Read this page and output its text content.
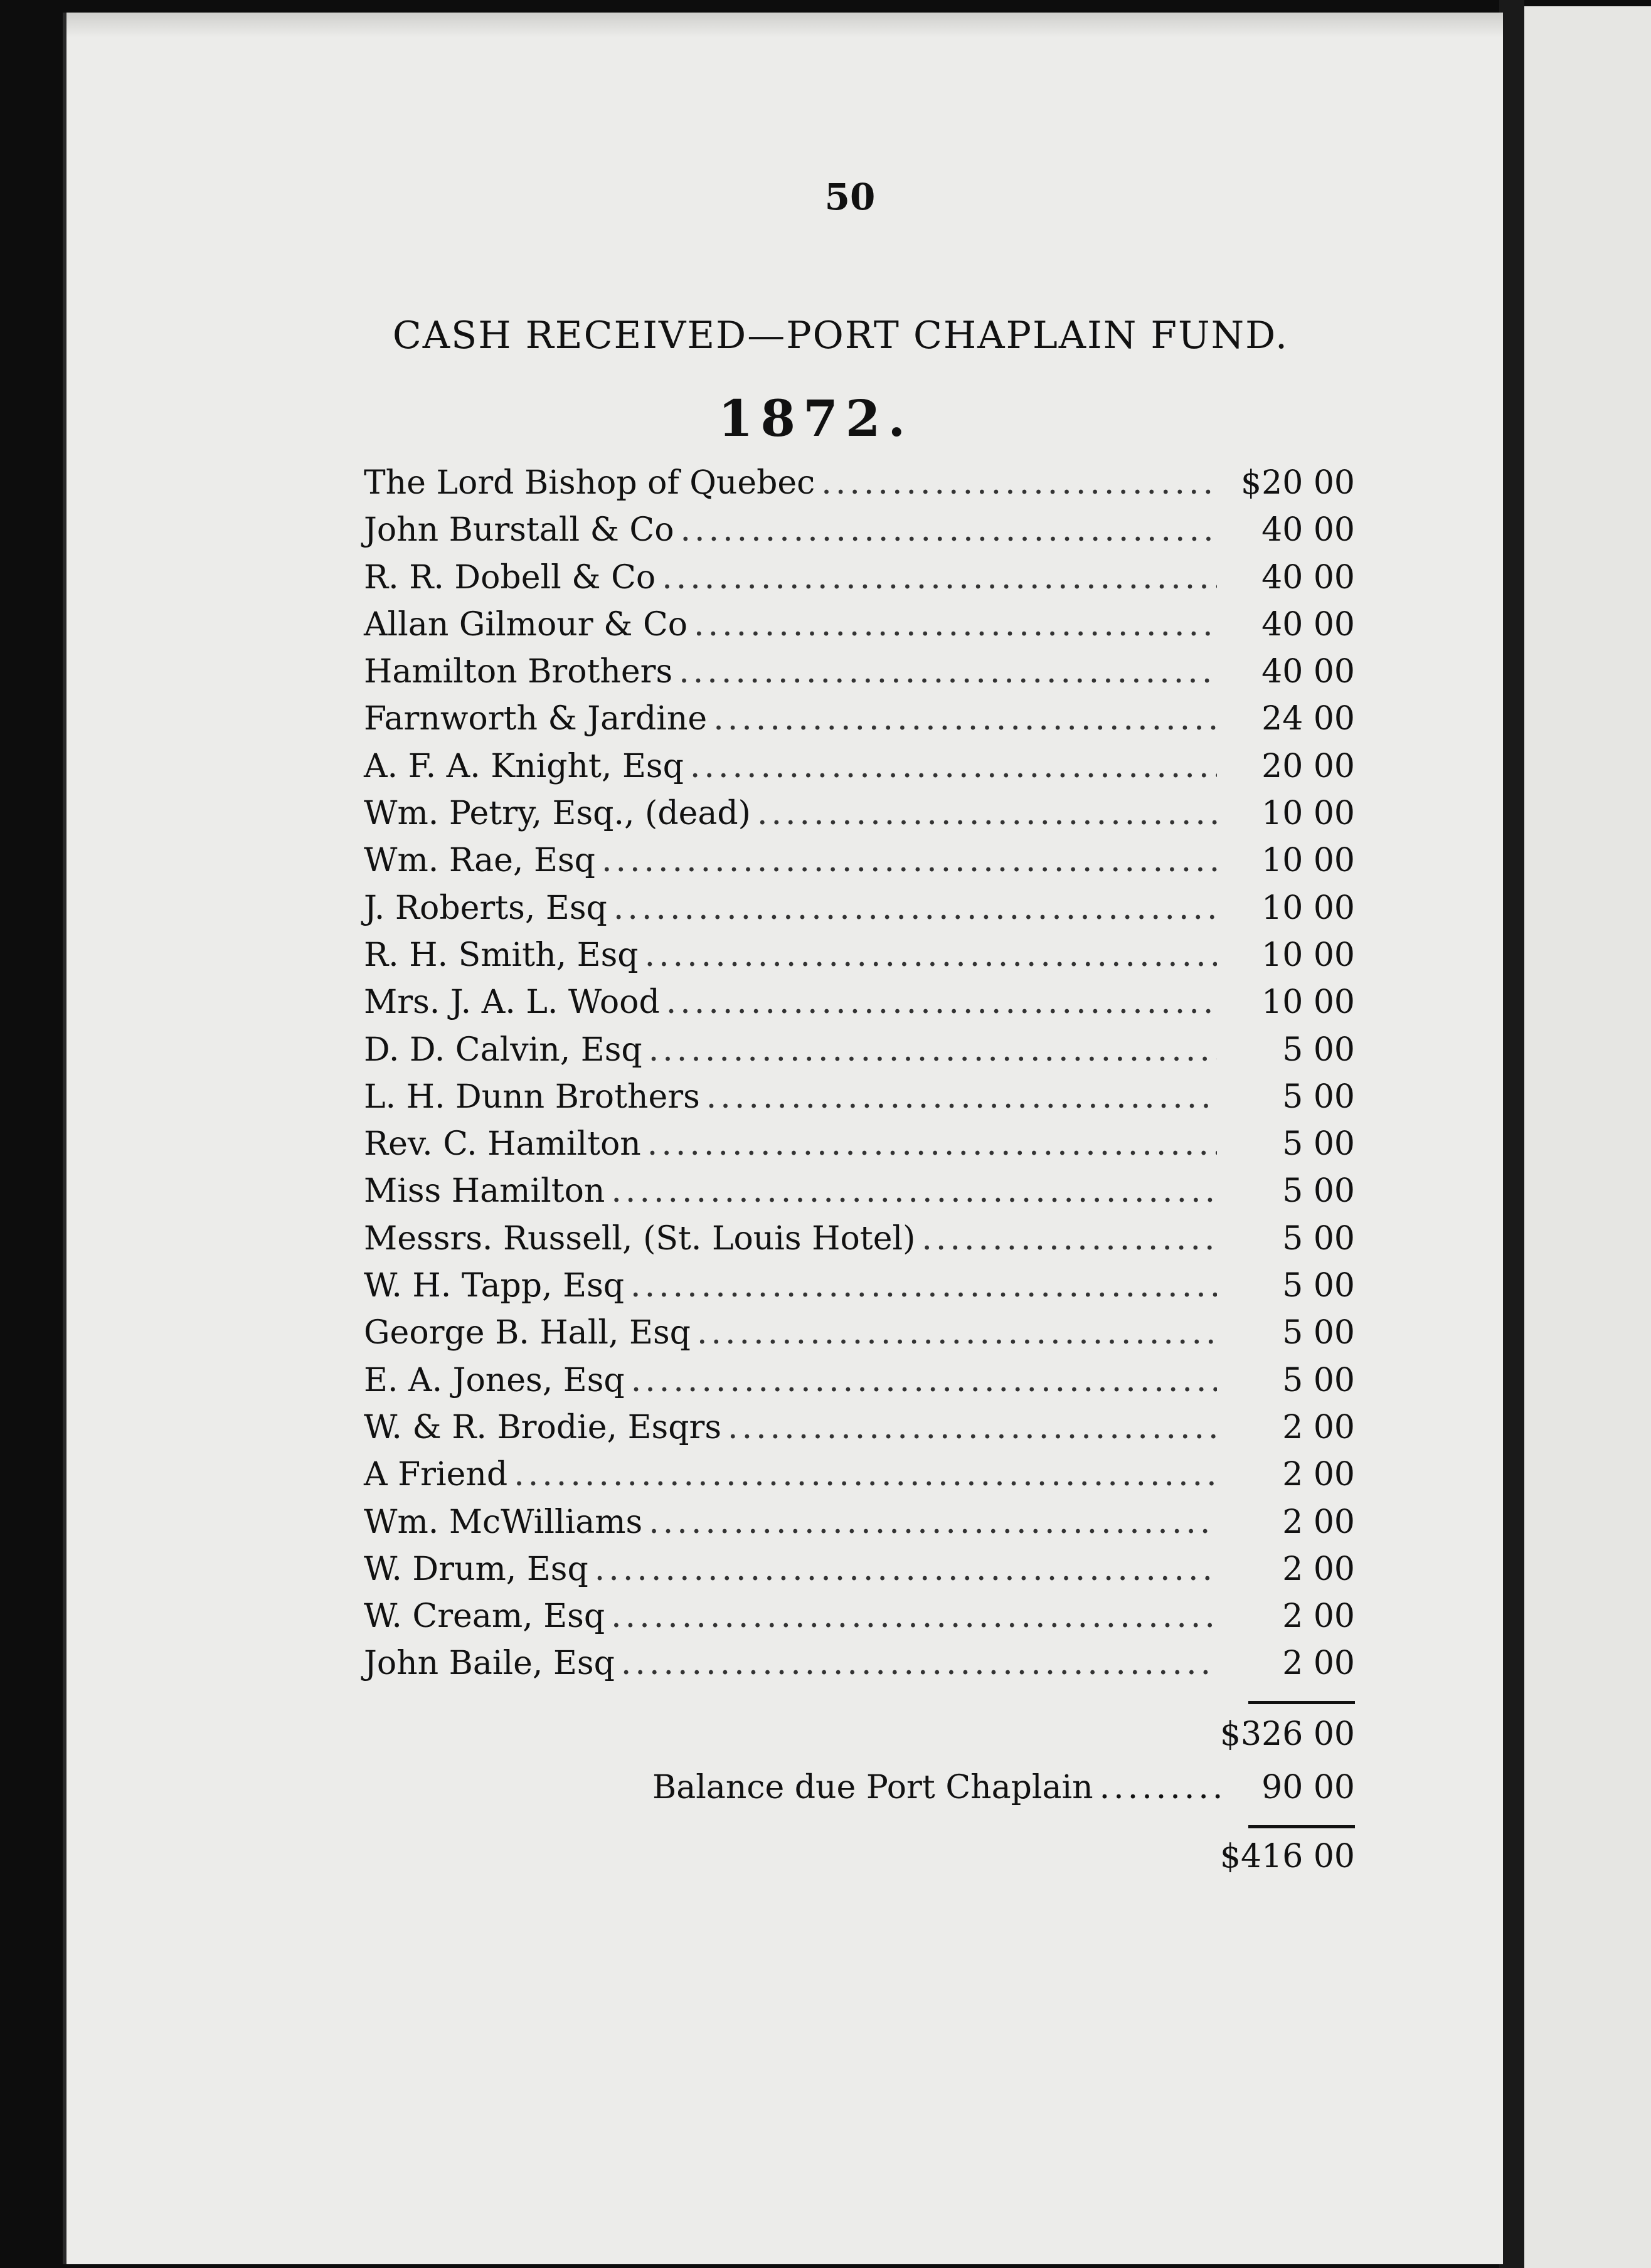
50
CASH RECEIVED—PORT CHAPLAIN FUND.
1872.
The Lord Bishop of Quebec .....	$20 00
John Burstall & Co .....	40 00
R. R. Dobell & Co .....	40 00
Allan Gilmour & Co .....	40 00
Hamilton Brothers .....	40 00
Farnworth & Jardine .....	24 00
A. F. A. Knight, Esq .....	20 00
Wm. Petry, Esq., (dead) .....	10 00
Wm. Rae, Esq .....	10 00
J. Roberts, Esq .....	10 00
R. H. Smith, Esq .....	10 00
Mrs. J. A. L. Wood .....	10 00
D. D. Calvin, Esq .....	5 00
L. H. Dunn Brothers .....	5 00
Rev. C. Hamilton .....	5 00
Miss Hamilton .....	5 00
Messrs. Russell, (St. Louis Hotel) .....	5 00
W. H. Tapp, Esq .....	5 00
George B. Hall, Esq .....	5 00
E. A. Jones, Esq .....	5 00
W. & R. Brodie, Esqrs .....	2 00
A Friend .....	2 00
Wm. McWilliams .....	2 00
W. Drum, Esq .....	2 00
W. Cream, Esq .....	2 00
John Baile, Esq .....	2 00
$326 00
Balance due Port Chaplain .....	90 00
$416 00
